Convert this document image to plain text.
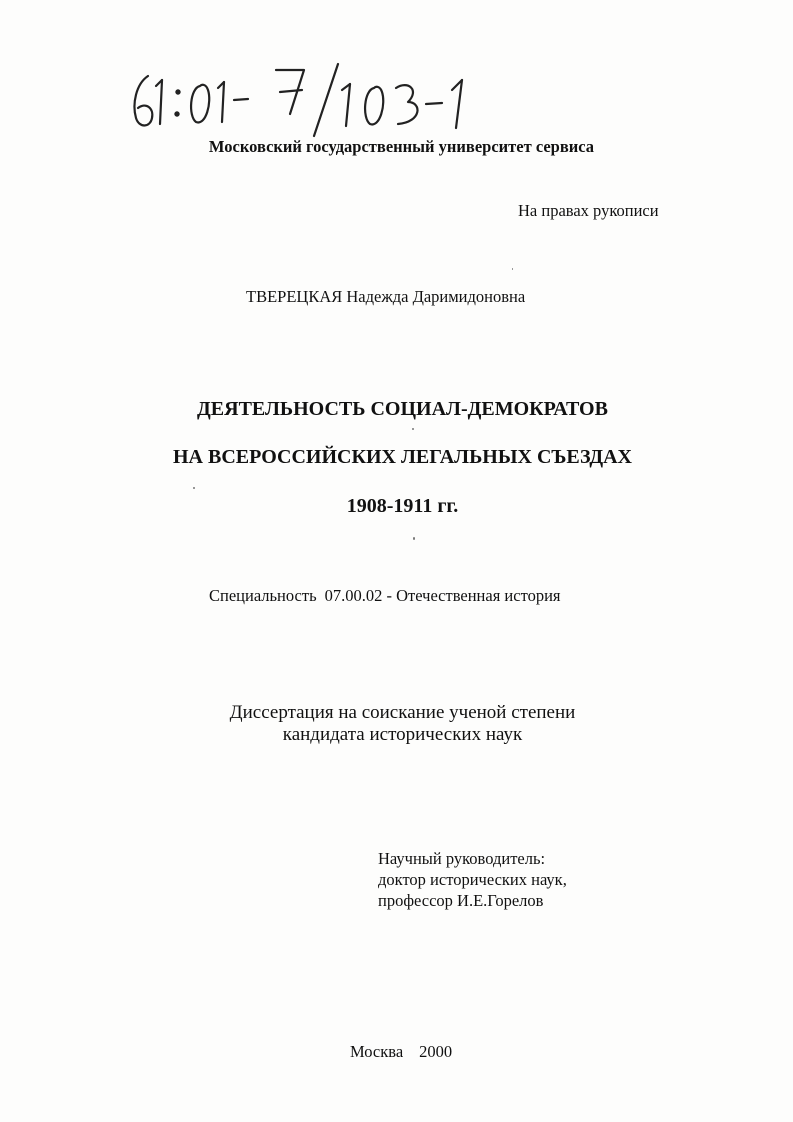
Московский государственный университет сервиса
На правах рукописи
ТВЕРЕЦКАЯ Надежда Даримидоновна
ДЕЯТЕЛЬНОСТЬ СОЦИАЛ-ДЕМОКРАТОВ
НА ВСЕРОССИЙСКИХ ЛЕГАЛЬНЫХ СЪЕЗДАХ
1908-1911 гг.
Специальность 07.00.02 - Отечественная история
Диссертация на соискание ученой степени
кандидата исторических наук
Научный руководитель:
доктор исторических наук,
профессор И.Е.Горелов
Москва 2000
